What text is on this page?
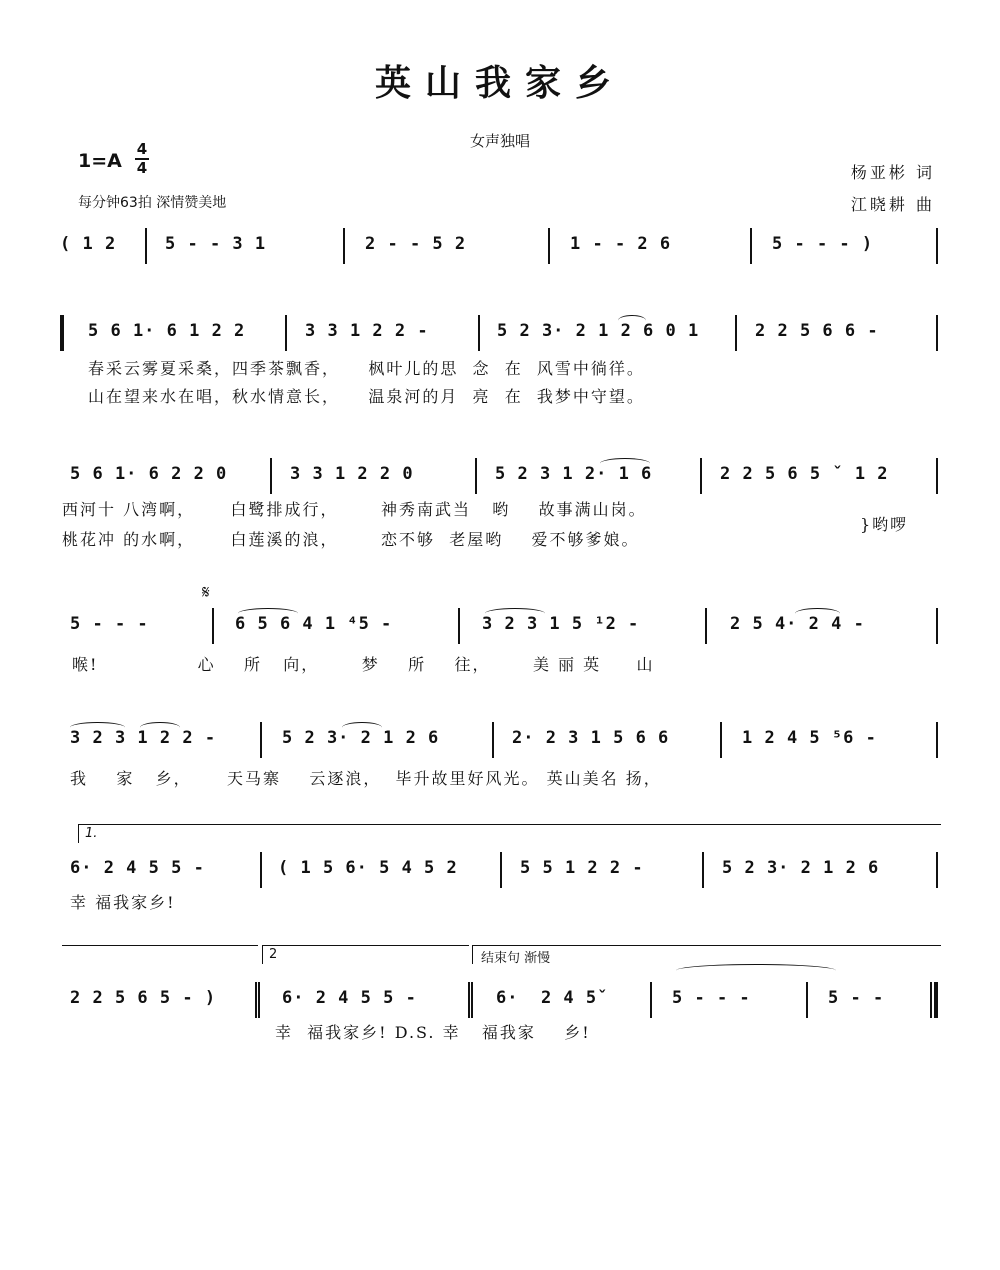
英山我家乡
女声独唱
1=A
4
4
每分钟63拍 深情赞美地
杨亚彬 词
江晓耕 曲
( 1 2	5 - - 3 1	2 - - 5 2	1 - - 2 6	5 - - - )
5 6 1· 6 1 2 2	3 3 1 2 2 -	5 2 3· 2 1 2 6 0 1	2 2 5 6 6 -
春采云雾夏采桑，四季茶飘香，    枫叶儿的思  念  在  风雪中徜徉。
山在望来水在唱，秋水情意长，    温泉河的月  亮  在  我梦中守望。
5 6 1· 6 2 2 0	3 3 1 2 2 0	5 2 3 1 2· 1 6	2 2 5 6 5 ˇ 1 2
西河十 八湾啊，     白鹭排成行，      神秀南武当   哟    故事满山岗。
桃花冲 的水啊，     白莲溪的浪，      恋不够  老屋哟    爱不够爹娘。
}哟啰
𝄋
5 - - -	6 5 6 4 1 ⁴5 -	3 2 3 1 5 ¹2 -	2 5 4· 2 4 -
喉!              心    所   向，      梦    所    往，      美 丽 英     山
3 2 3 1 2 2 -	5 2 3· 2 1 2 6	2· 2 3 1 5 6 6	1 2 4 5 ⁵6 -
我    家   乡，     天马寨    云逐浪，  毕升故里好风光。 英山美名 扬，
1.
6· 2 4 5 5 -	( 1 5 6· 5 4 5 2	5 5 1 2 2 -	5 2 3· 2 1 2 6
幸 福我家乡!
2	结束句 渐慢
2 2 5 6 5 - )	6· 2 4 5 5 -	6·  2 4 5ˇ	5 - - -	5 - -
幸  福我家乡! D.S. 幸   福我家    乡!
